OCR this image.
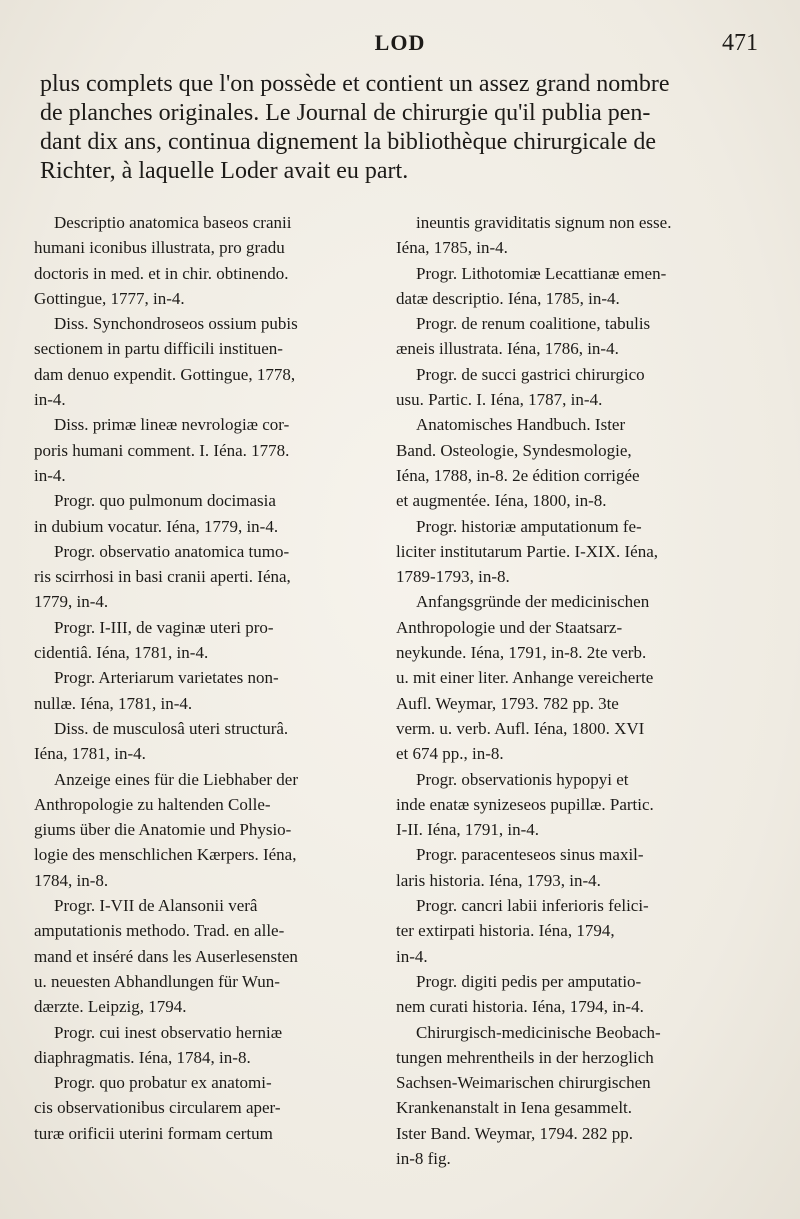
LOD	471
plus complets que l'on possède et contient un assez grand nombre
de planches originales. Le Journal de chirurgie qu'il publia pen-
dant dix ans, continua dignement la bibliothèque chirurgicale de
Richter, à laquelle Loder avait eu part.
Descriptio anatomica baseos cranii
humani iconibus illustrata, pro gradu
doctoris in med. et in chir. obtinendo.
Gottingue, 1777, in-4.
Diss. Synchondroseos ossium pubis
sectionem in partu difficili instituen-
dam denuo expendit. Gottingue, 1778,
in-4.
Diss. primæ lineæ nevrologiæ cor-
poris humani comment. I. Iéna. 1778.
in-4.
Progr. quo pulmonum docimasia
in dubium vocatur. Iéna, 1779, in-4.
Progr. observatio anatomica tumo-
ris scirrhosi in basi cranii aperti. Iéna,
1779, in-4.
Progr. I-III, de vaginæ uteri pro-
cidentiâ. Iéna, 1781, in-4.
Progr. Arteriarum varietates non-
nullæ. Iéna, 1781, in-4.
Diss. de musculosâ uteri structurâ.
Iéna, 1781, in-4.
Anzeige eines für die Liebhaber der
Anthropologie zu haltenden Colle-
giums über die Anatomie und Physio-
logie des menschlichen Kærpers. Iéna,
1784, in-8.
Progr. I-VII de Alansonii verâ
amputationis methodo. Trad. en alle-
mand et inséré dans les Auserlesensten
u. neuesten Abhandlungen für Wun-
dærzte. Leipzig, 1794.
Progr. cui inest observatio herniæ
diaphragmatis. Iéna, 1784, in-8.
Progr. quo probatur ex anatomi-
cis observationibus circularem aper-
turæ orificii uterini formam certum
ineuntis graviditatis signum non esse.
Iéna, 1785, in-4.
Progr. Lithotomiæ Lecattianæ emen-
datæ descriptio. Iéna, 1785, in-4.
Progr. de renum coalitione, tabulis
æneis illustrata. Iéna, 1786, in-4.
Progr. de succi gastrici chirurgico
usu. Partic. I. Iéna, 1787, in-4.
Anatomisches Handbuch. Ister
Band. Osteologie, Syndesmologie,
Iéna, 1788, in-8. 2e édition corrigée
et augmentée. Iéna, 1800, in-8.
Progr. historiæ amputationum fe-
liciter institutarum Partie. I-XIX. Iéna,
1789-1793, in-8.
Anfangsgründe der medicinischen
Anthropologie und der Staatsarz-
neykunde. Iéna, 1791, in-8. 2te verb.
u. mit einer liter. Anhange vereicherte
Aufl. Weymar, 1793. 782 pp. 3te
verm. u. verb. Aufl. Iéna, 1800. XVI
et 674 pp., in-8.
Progr. observationis hypopyi et
inde enatæ synizeseos pupillæ. Partic.
I-II. Iéna, 1791, in-4.
Progr. paracenteseos sinus maxil-
laris historia. Iéna, 1793, in-4.
Progr. cancri labii inferioris felici-
ter extirpati historia. Iéna, 1794,
in-4.
Progr. digiti pedis per amputatio-
nem curati historia. Iéna, 1794, in-4.
Chirurgisch-medicinische Beobach-
tungen mehrentheils in der herzoglich
Sachsen-Weimarischen chirurgischen
Krankenanstalt in Iena gesammelt.
Ister Band. Weymar, 1794. 282 pp.
in-8 fig.
